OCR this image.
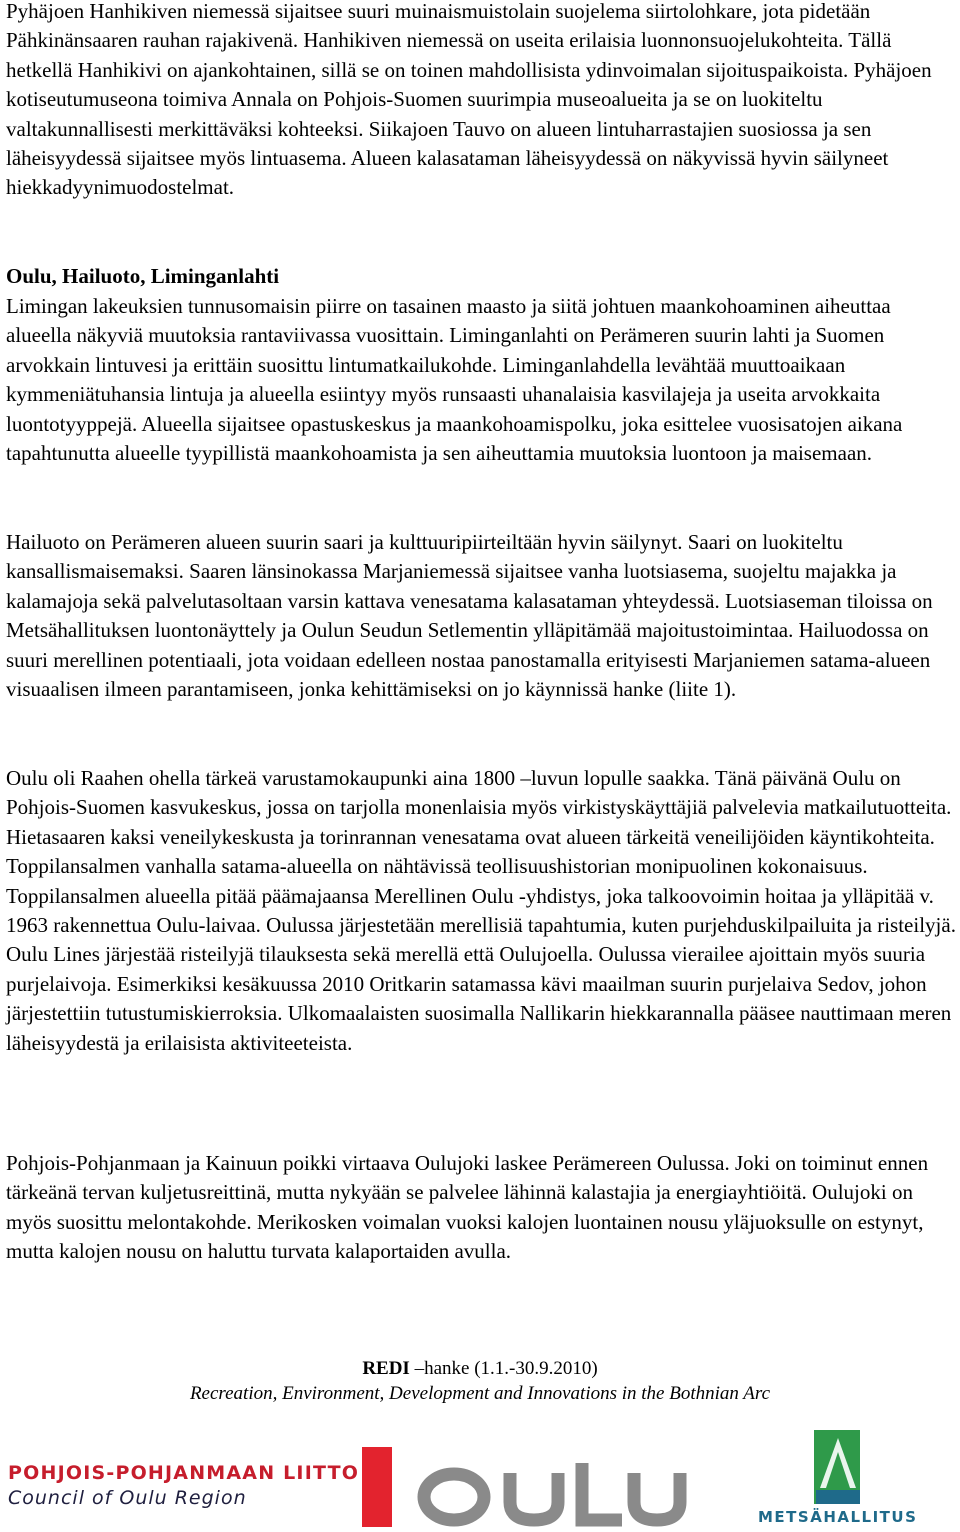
Pyhäjoen Hanhikiven niemessä sijaitsee suuri muinaismuistolain suojelema siirtolohkare, jota pidetään Pähkinänsaaren rauhan rajakivenä. Hanhikiven niemessä on useita erilaisia luonnonsuojelukohteita. Tällä hetkellä Hanhikivi on ajankohtainen, sillä se on toinen mahdollisista ydinvoimalan sijoituspaikoista. Pyhäjoen kotiseutumuseona toimiva Annala on Pohjois-Suomen suurimpia museoalueita ja se on luokiteltu valtakunnallisesti merkittäväksi kohteeksi. Siikajoen Tauvo on alueen lintuharrastajien suosiossa ja sen läheisyydessä sijaitsee myös lintuasema. Alueen kalasataman läheisyydessä on näkyvissä hyvin säilyneet hiekkadyynimuodostelmat.
Oulu, Hailuoto, Liminganlahti
Limingan lakeuksien tunnusomaisin piirre on tasainen maasto ja siitä johtuen maankohoaminen aiheuttaa alueella näkyviä muutoksia rantaviivassa vuosittain. Liminganlahti on Perämeren suurin lahti ja Suomen arvokkain lintuvesi ja erittäin suosittu lintumatkailukohde. Liminganlahdella levähtää muuttoaikaan kymmeniätuhansia lintuja ja alueella esiintyy myös runsaasti uhanalaisia kasvilajeja ja useita arvokkaita luontotyyppejä. Alueella sijaitsee opastuskeskus ja maankohoamispolku, joka esittelee vuosisatojen aikana tapahtunutta alueelle tyypillistä maankohoamista ja sen aiheuttamia muutoksia luontoon ja maisemaan.
Hailuoto on Perämeren alueen suurin saari ja kulttuuripiirteiltään hyvin säilynyt. Saari on luokiteltu kansallismaisemaksi. Saaren länsinokassa Marjaniemessä sijaitsee vanha luotsiasema, suojeltu majakka ja kalamajoja sekä palvelutasoltaan varsin kattava venesatama kalasataman yhteydessä. Luotsiaseman tiloissa on Metsähallituksen luontonäyttely ja Oulun Seudun Setlementin ylläpitämää majoitustoimintaa. Hailuodossa on suuri merellinen potentiaali, jota voidaan edelleen nostaa panostamalla erityisesti Marjaniemen satama-alueen visuaalisen ilmeen parantamiseen, jonka kehittämiseksi on jo käynnissä hanke (liite 1).
Oulu oli Raahen ohella tärkeä varustamokaupunki aina 1800 –luvun lopulle saakka. Tänä päivänä Oulu on Pohjois-Suomen kasvukeskus, jossa on tarjolla monenlaisia myös virkistyskäyttäjiä palvelevia matkailutuotteita. Hietasaaren kaksi veneilykeskusta ja torinrannan venesatama ovat alueen tärkeitä veneilijöiden käyntikohteita. Toppilansalmen vanhalla satama-alueella on nähtävissä teollisuushistorian monipuolinen kokonaisuus. Toppilansalmen alueella pitää päämajaansa Merellinen Oulu -yhdistys, joka talkoovoimin hoitaa ja ylläpitää v. 1963 rakennettua Oulu-laivaa. Oulussa järjestetään merellisiä tapahtumia, kuten purjehduskilpailuita ja risteilyjä. Oulu Lines järjestää risteilyjä tilauksesta sekä merellä että Oulujoella. Oulussa vierailee ajoittain myös suuria purjelaivoja. Esimerkiksi kesäkuussa 2010 Oritkarin satamassa kävi maailman suurin purjelaiva Sedov, johon järjestettiin tutustumiskierroksia. Ulkomaalaisten suosimalla Nallikarin hiekkarannalla pääsee nauttimaan meren läheisyydestä ja erilaisista aktiviteeteista.
Pohjois-Pohjanmaan ja Kainuun poikki virtaava Oulujoki laskee Perämereen Oulussa. Joki on toiminut ennen tärkeänä tervan kuljetusreittinä, mutta nykyään se palvelee lähinnä kalastajia ja energiayhtiöitä. Oulujoki on myös suosittu melontakohde. Merikosken voimalan vuoksi kalojen luontainen nousu yläjuoksulle on estynyt, mutta kalojen nousu on haluttu turvata kalaportaiden avulla.
REDI –hanke (1.1.-30.9.2010)
Recreation, Environment, Development and Innovations in the Bothnian Arc
POHJOIS-POHJANMAAN LIITTO
Council of Oulu Region
METSÄHALLITUS
